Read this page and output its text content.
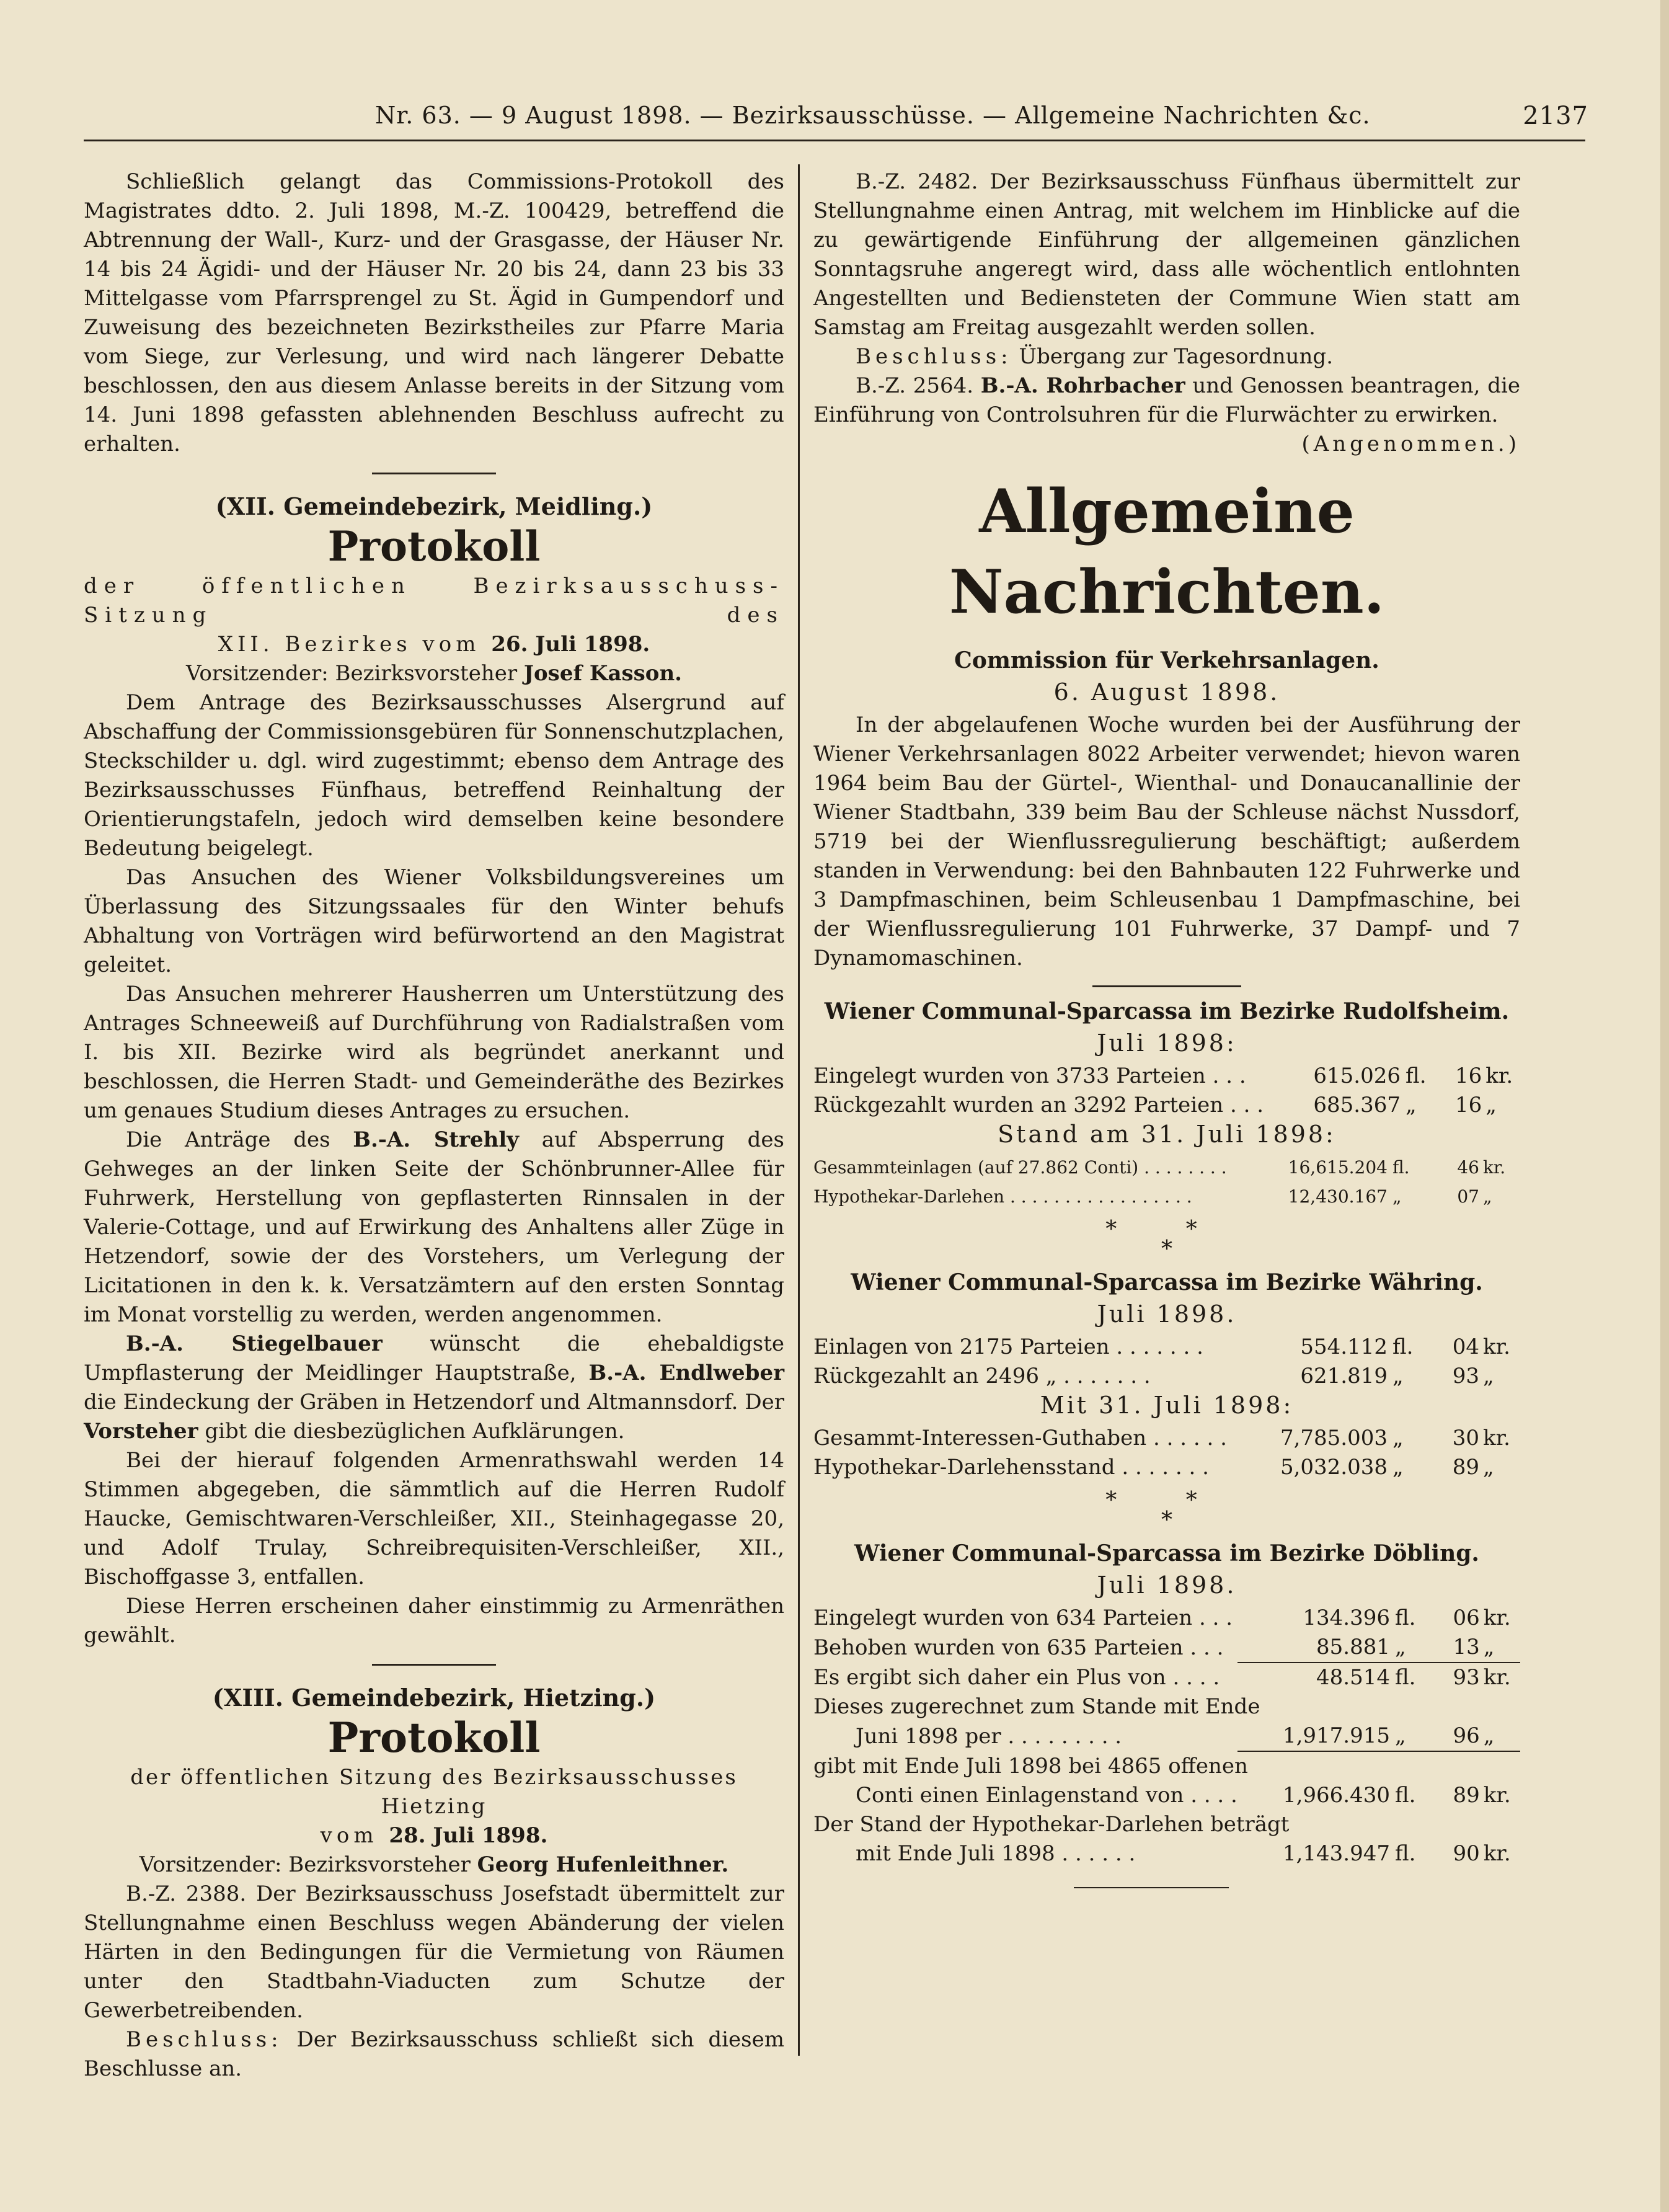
Nr. 63. — 9 August 1898. — Bezirksausschüsse. — Allgemeine Nachrichten &c.	2137

Schließlich gelangt das Commissions-Protokoll des Magistrates ddto. 2. Juli 1898, M.-Z. 100429, betreffend die Abtrennung der Wall-, Kurz- und der Grasgasse, der Häuser Nr. 14 bis 24 Ägidi- und der Häuser Nr. 20 bis 24, dann 23 bis 33 Mittelgasse vom Pfarrsprengel zu St. Ägid in Gumpendorf und Zuweisung des bezeichneten Bezirkstheiles zur Pfarre Maria vom Siege, zur Verlesung, und wird nach längerer Debatte beschlossen, den aus diesem Anlasse bereits in der Sitzung vom 14. Juni 1898 gefassten ablehnenden Beschluss aufrecht zu erhalten.

(XII. Gemeindebezirk, Meidling.)
Protokoll

der öffentlichen Bezirksausschuss-Sitzung des

XII. Bezirkes vom 26. Juli 1898.

Vorsitzender: Bezirksvorsteher Josef Kasson.

Dem Antrage des Bezirksausschusses Alsergrund auf Abschaffung der Commissionsgebüren für Sonnenschutzplachen, Steckschilder u. dgl. wird zugestimmt; ebenso dem Antrage des Bezirksausschusses Fünfhaus, betreffend Reinhaltung der Orientierungstafeln, jedoch wird demselben keine besondere Bedeutung beigelegt.

Das Ansuchen des Wiener Volksbildungsvereines um Überlassung des Sitzungssaales für den Winter behufs Abhaltung von Vorträgen wird befürwortend an den Magistrat geleitet.

Das Ansuchen mehrerer Hausherren um Unterstützung des Antrages Schneeweiß auf Durchführung von Radialstraßen vom I. bis XII. Bezirke wird als begründet anerkannt und beschlossen, die Herren Stadt- und Gemeinderäthe des Bezirkes um genaues Studium dieses Antrages zu ersuchen.

Die Anträge des B.-A. Strehly auf Absperrung des Gehweges an der linken Seite der Schönbrunner-Allee für Fuhrwerk, Herstellung von gepflasterten Rinnsalen in der Valerie-Cottage, und auf Erwirkung des Anhaltens aller Züge in Hetzendorf, sowie der des Vorstehers, um Verlegung der Licitationen in den k. k. Versatzämtern auf den ersten Sonntag im Monat vorstellig zu werden, werden angenommen.

B.-A. Stiegelbauer wünscht die ehebaldigste Umpflasterung der Meidlinger Hauptstraße, B.-A. Endlweber die Eindeckung der Gräben in Hetzendorf und Altmannsdorf. Der Vorsteher gibt die diesbezüglichen Aufklärungen.

Bei der hierauf folgenden Armenrathswahl werden 14 Stimmen abgegeben, die sämmtlich auf die Herren Rudolf Haucke, Gemischtwaren-Verschleißer, XII., Steinhagegasse 20, und Adolf Trulay, Schreibrequisiten-Verschleißer, XII., Bischoffgasse 3, entfallen.

Diese Herren erscheinen daher einstimmig zu Armenräthen gewählt.

(XIII. Gemeindebezirk, Hietzing.)
Protokoll

der öffentlichen Sitzung des Bezirksausschusses Hietzing

vom 28. Juli 1898.

Vorsitzender: Bezirksvorsteher Georg Hufenleithner.

B.-Z. 2388. Der Bezirksausschuss Josefstadt übermittelt zur Stellungnahme einen Beschluss wegen Abänderung der vielen Härten in den Bedingungen für die Vermietung von Räumen unter den Stadtbahn-Viaducten zum Schutze der Gewerbetreibenden.

Beschluss: Der Bezirksausschuss schließt sich diesem Beschlusse an.

B.-Z. 2482. Der Bezirksausschuss Fünfhaus übermittelt zur Stellungnahme einen Antrag, mit welchem im Hinblicke auf die zu gewärtigende Einführung der allgemeinen gänzlichen Sonntagsruhe angeregt wird, dass alle wöchentlich entlohnten Angestellten und Bediensteten der Commune Wien statt am Samstag am Freitag ausgezahlt werden sollen.

Beschluss: Übergang zur Tagesordnung.

B.-Z. 2564. B.-A. Rohrbacher und Genossen beantragen, die Einführung von Controlsuhren für die Flurwächter zu erwirken.

(Angenommen.)

Allgemeine Nachrichten.
Commission für Verkehrsanlagen.
6. August 1898.

In der abgelaufenen Woche wurden bei der Ausführung der Wiener Verkehrsanlagen 8022 Arbeiter verwendet; hievon waren 1964 beim Bau der Gürtel-, Wienthal- und Donaucanallinie der Wiener Stadtbahn, 339 beim Bau der Schleuse nächst Nussdorf, 5719 bei der Wienflussregulierung beschäftigt; außerdem standen in Verwendung: bei den Bahnbauten 122 Fuhrwerke und 3 Dampfmaschinen, beim Schleusenbau 1 Dampfmaschine, bei der Wienflussregulierung 101 Fuhrwerke, 37 Dampf- und 7 Dynamomaschinen.

Wiener Communal-Sparcassa im Bezirke Rudolfsheim.
Juli 1898:
Eingelegt wurden von 3733 Parteien . . .	615.026	fl.	16	kr.
Rückgezahlt wurden an 3292 Parteien . . .	685.367	„	16	„
Stand am 31. Juli 1898:
Gesammteinlagen (auf 27.862 Conti) . . . . . . . .	16,615.204	fl.	46	kr.
Hypothekar-Darlehen . . . . . . . . . . . . . . . . .	12,430.167	„	07	„
* *
*
Wiener Communal-Sparcassa im Bezirke Währing.
Juli 1898.
Einlagen von 2175 Parteien . . . . . . .	554.112	fl.	04	kr.
Rückgezahlt an 2496 „ . . . . . . .	621.819	„	93	„
Mit 31. Juli 1898:
Gesammt-Interessen-Guthaben . . . . . .	7,785.003	„	30	kr.
Hypothekar-Darlehensstand . . . . . . .	5,032.038	„	89	„
* *
*
Wiener Communal-Sparcassa im Bezirke Döbling.
Juli 1898.
Eingelegt wurden von 634 Parteien . . .	134.396	fl.	06	kr.
Behoben wurden von 635 Parteien . . .	85.881	„	13	„
Es ergibt sich daher ein Plus von . . . .	48.514	fl.	93	kr.
Dieses zugerechnet zum Stande mit Ende				
Juni 1898 per . . . . . . . . .	1,917.915	„	96	„
gibt mit Ende Juli 1898 bei 4865 offenen				
Conti einen Einlagenstand von . . . .	1,966.430	fl.	89	kr.
Der Stand der Hypothekar-Darlehen beträgt				
mit Ende Juli 1898 . . . . . .	1,143.947	fl.	90	kr.
